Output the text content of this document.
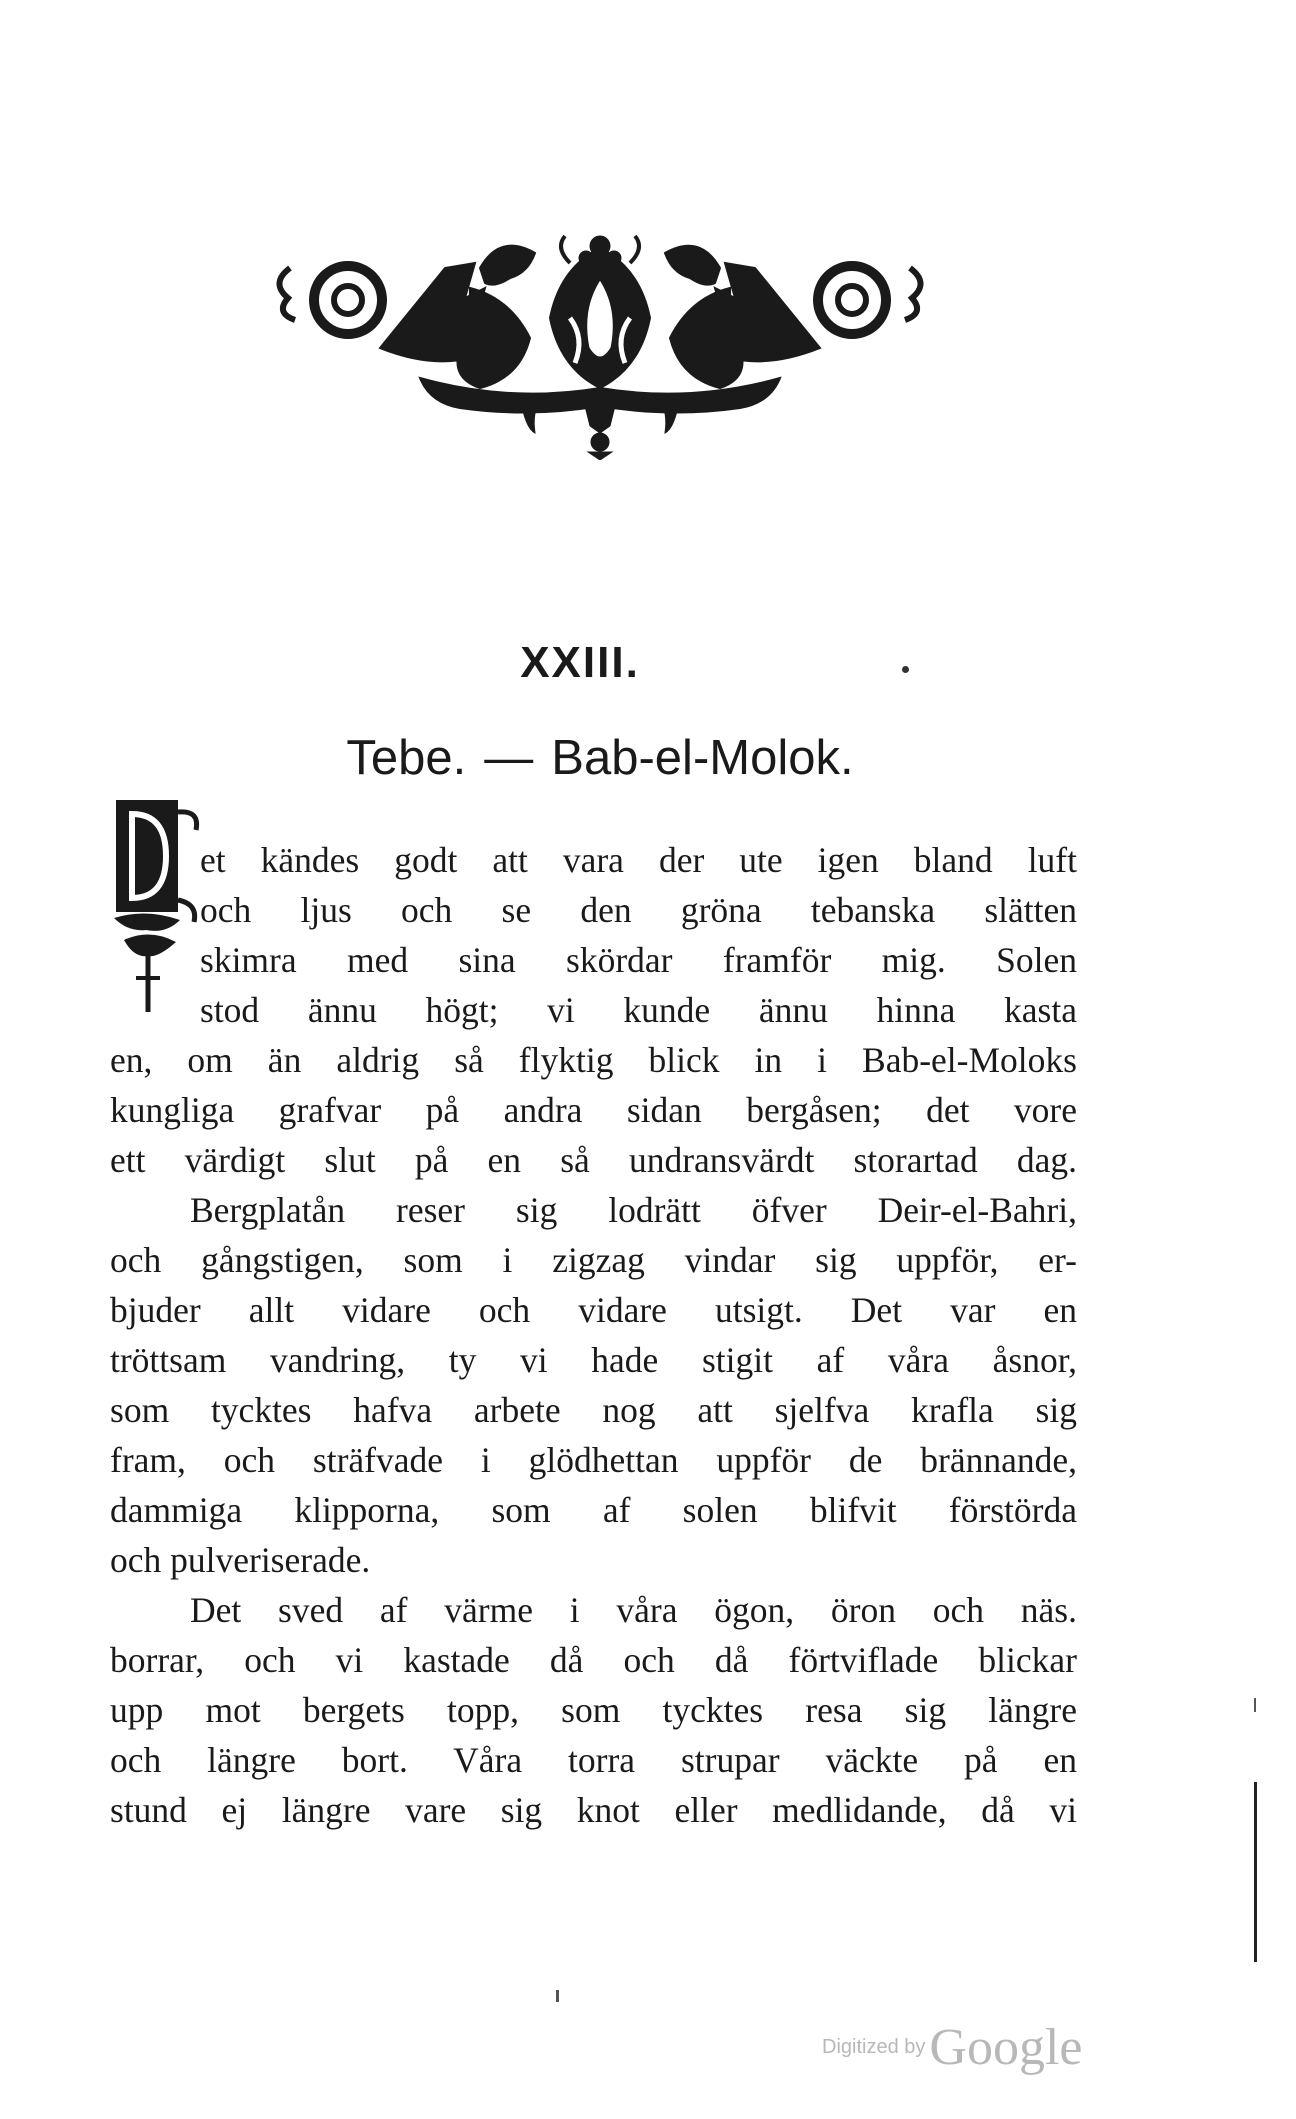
XXIII.
Tebe. — Bab-el-Molok.
et kändes godt att vara der ute igen bland luft
och ljus och se den gröna tebanska slätten
skimra med sina skördar framför mig. Solen
stod ännu högt; vi kunde ännu hinna kasta
en, om än aldrig så flyktig blick in i Bab-el-Moloks
kungliga grafvar på andra sidan bergåsen; det vore
ett värdigt slut på en så undransvärdt storartad dag.
Bergplatån reser sig lodrätt öfver Deir-el-Bahri,
och gångstigen, som i zigzag vindar sig uppför, er-
bjuder allt vidare och vidare utsigt. Det var en
tröttsam vandring, ty vi hade stigit af våra åsnor,
som tycktes hafva arbete nog att sjelfva krafla sig
fram, och sträfvade i glödhettan uppför de brännande,
dammiga klipporna, som af solen blifvit förstörda
och pulveriserade.
Det sved af värme i våra ögon, öron och näs.
borrar, och vi kastade då och då förtviflade blickar
upp mot bergets topp, som tycktes resa sig längre
och längre bort. Våra torra strupar väckte på en
stund ej längre vare sig knot eller medlidande, då vi
Digitized by Google
